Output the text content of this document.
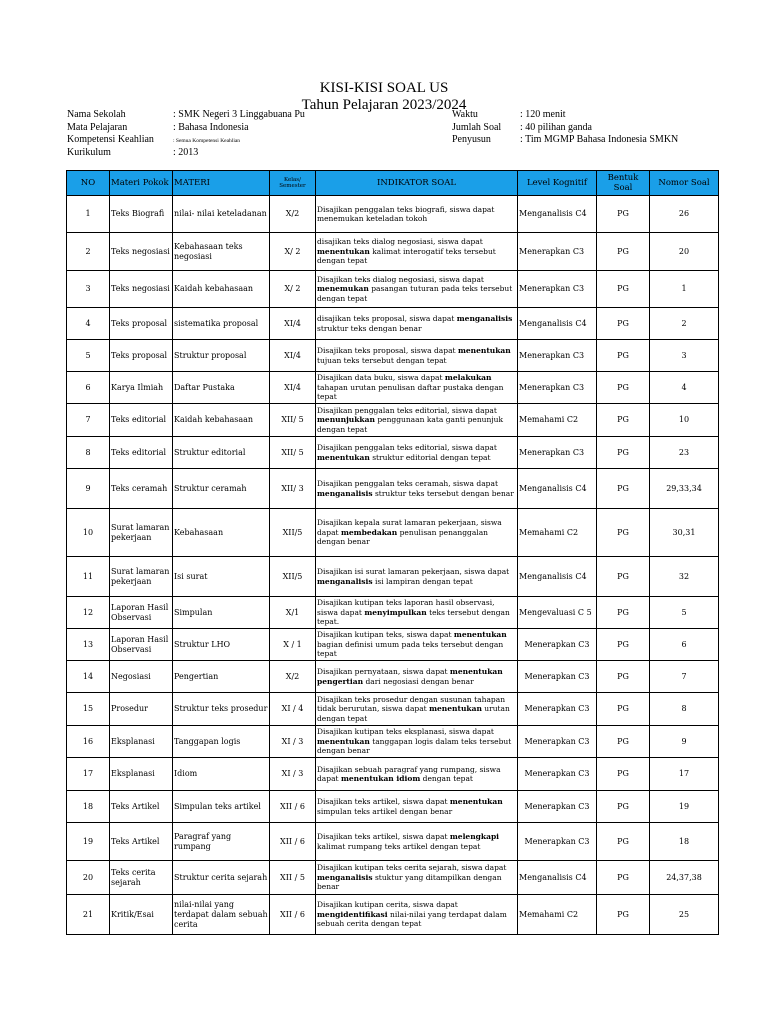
KISI-KISI SOAL US
Tahun Pelajaran 2023/2024
Nama Sekolah	: SMK Negeri 3 Linggabuana Pu
Mata Pelajaran	: Bahasa Indonesia
Kompetensi Keahlian	: Semua Kompetensi Keahlian
Kurikulum	: 2013
Waktu	: 120 menit
Jumlah Soal : 40 pilihan ganda
Penyusun	: Tim MGMP Bahasa Indonesia SMKN
NO	Materi Pokok	MATERI	Kelas/ Semester	INDIKATOR SOAL	Level Kognitif	Bentuk Soal	Nomor Soal
1	Teks Biografi	nilai- nilai keteladanan	X/2	Disajikan penggalan teks biografi, siswa dapat menemukan keteladan tokoh	Menganalisis C4	PG	26
2	Teks negosiasi	Kebahasaan teks negosiasi	X/ 2	disajikan teks dialog negosiasi, siswa dapat menentukan kalimat interogatif teks tersebut dengan tepat	Menerapkan C3	PG	20
3	Teks negosiasi	Kaidah kebahasaan	X/ 2	Disajikan teks dialog negosiasi, siswa dapat menemukan pasangan tuturan pada teks tersebut dengan tepat	Menerapkan C3	PG	1
4	Teks proposal	sistematika proposal	XI/4	disajikan teks proposal, siswa dapat menganalisis struktur teks dengan benar	Menganalisis C4	PG	2
5	Teks proposal	Struktur proposal	XI/4	Disajikan teks proposal, siswa dapat menentukan tujuan teks tersebut dengan tepat	Menerapkan C3	PG	3
6	Karya Ilmiah	Daftar Pustaka	XI/4	Disajikan data buku, siswa dapat melakukan tahapan urutan penulisan daftar pustaka dengan tepat	Menerapkan C3	PG	4
7	Teks editorial	Kaidah kebahasaan	XII/ 5	Disajikan penggalan teks editorial, siswa dapat menunjukkan penggunaan kata ganti penunjuk dengan tepat	Memahami C2	PG	10
8	Teks editorial	Struktur editorial	XII/ 5	Disajikan penggalan teks editorial, siswa dapat menentukan struktur editorial dengan tepat	Menerapkan C3	PG	23
9	Teks ceramah	Struktur ceramah	XII/ 3	Disajikan penggalan teks ceramah, siswa dapat menganalisis struktur teks tersebut dengan benar	Menganalisis C4	PG	29,33,34
10	Surat lamaran pekerjaan	Kebahasaan	XII/5	Disajikan kepala surat lamaran pekerjaan, siswa dapat membedakan penulisan penanggalan dengan benar	Memahami C2	PG	30,31
11	Surat lamaran pekerjaan	Isi surat	XII/5	Disajikan isi surat lamaran pekerjaan, siswa dapat menganalisis isi lampiran dengan tepat	Menganalisis C4	PG	32
12	Laporan Hasil Observasi	Simpulan	X/1	Disajikan kutipan teks laporan hasil observasi, siswa dapat menyimpulkan teks tersebut dengan tepat.	Mengevaluasi C 5	PG	5
13	Laporan Hasil Observasi	Struktur LHO	X / 1	Disajikan kutipan teks, siswa dapat menentukan bagian definisi umum pada teks tersebut dengan tepat	Menerapkan C3	PG	6
14	Negosiasi	Pengertian	X/2	Disajikan pernyataan, siswa dapat menentukan pengertian dari negosiasi dengan benar	Menerapkan C3	PG	7
15	Prosedur	Struktur teks prosedur	XI / 4	Disajikan teks prosedur dengan susunan tahapan tidak berurutan, siswa dapat menentukan urutan dengan tepat	Menerapkan C3	PG	8
16	Eksplanasi	Tanggapan logis	XI / 3	Disajikan kutipan teks eksplanasi, siswa dapat menentukan tanggapan logis dalam teks tersebut dengan benar	Menerapkan C3	PG	9
17	Eksplanasi	Idiom	XI / 3	Disajikan sebuah paragraf yang rumpang, siswa dapat menentukan idiom dengan tepat	Menerapkan C3	PG	17
18	Teks Artikel	Simpulan teks artikel	XII / 6	Disajikan teks artikel, siswa dapat menentukan simpulan teks artikel dengan benar	Menerapkan C3	PG	19
19	Teks Artikel	Paragraf yang rumpang	XII / 6	Disajikan teks artikel, siswa dapat melengkapi kalimat rumpang teks artikel dengan tepat	Menerapkan C3	PG	18
20	Teks cerita sejarah	Struktur cerita sejarah	XII / 5	Disajikan kutipan teks cerita sejarah, siswa dapat menganalisis stuktur yang ditampilkan dengan benar	Menganalisis C4	PG	24,37,38
21	Kritik/Esai	nilai-nilai yang terdapat dalam sebuah cerita	XII / 6	Disajikan kutipan cerita, siswa dapat mengidentifikasi nilai-nilai yang terdapat dalam sebuah cerita dengan tepat	Memahami C2	PG	25
